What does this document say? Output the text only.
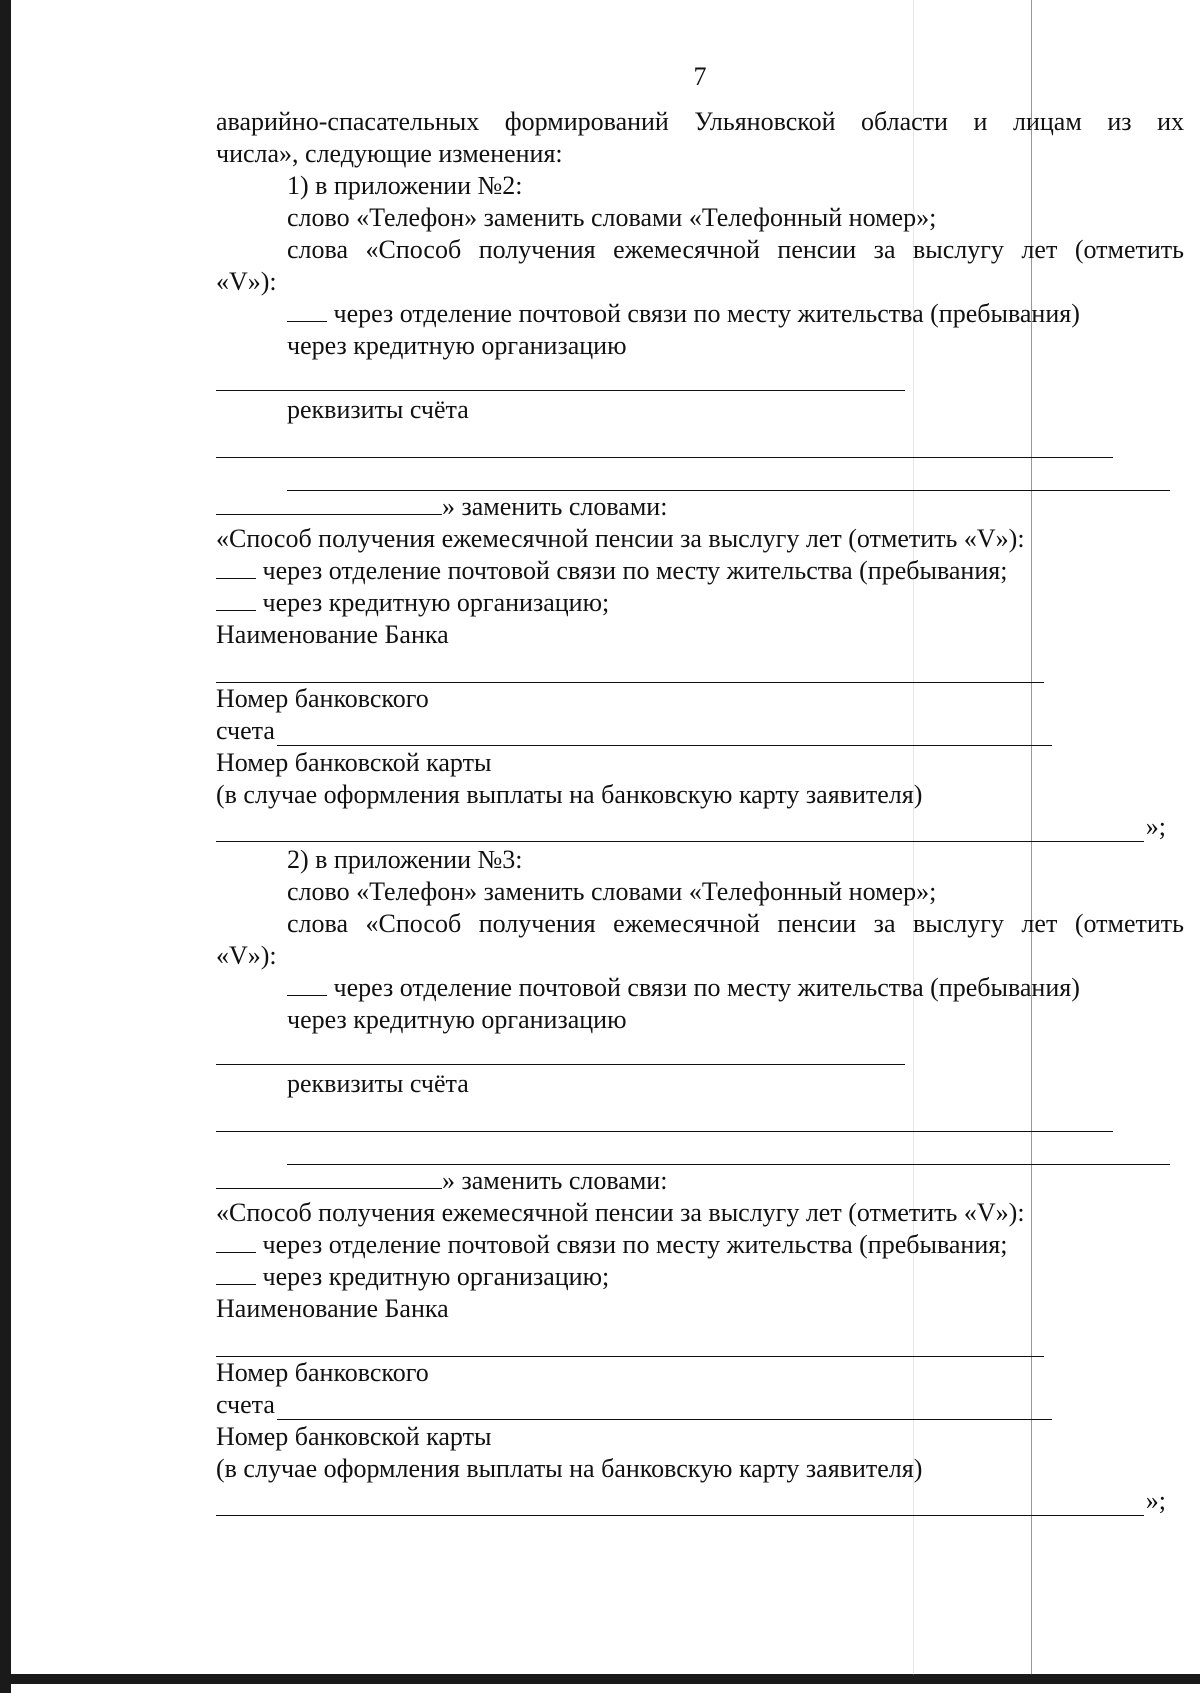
7
аварийно-спасательных формирований Ульяновской области и лицам из их
числа», следующие изменения:
1) в приложении №2:
слово «Телефон» заменить словами «Телефонный номер»;
слова «Способ получения ежемесячной пенсии за выслугу лет (отметить
«V»):
через отделение почтовой связи по месту жительства (пребывания)
через кредитную организацию
реквизиты счёта
» заменить словами:
«Способ получения ежемесячной пенсии за выслугу лет (отметить «V»):
через отделение почтовой связи по месту жительства (пребывания;
через кредитную организацию;
Наименование Банка
Номер банковского
счета
Номер банковской карты
(в случае оформления выплаты на банковскую карту заявителя)
»;
2) в приложении №3:
слово «Телефон» заменить словами «Телефонный номер»;
слова «Способ получения ежемесячной пенсии за выслугу лет (отметить
«V»):
через отделение почтовой связи по месту жительства (пребывания)
через кредитную организацию
реквизиты счёта
» заменить словами:
«Способ получения ежемесячной пенсии за выслугу лет (отметить «V»):
через отделение почтовой связи по месту жительства (пребывания;
через кредитную организацию;
Наименование Банка
Номер банковского
счета
Номер банковской карты
(в случае оформления выплаты на банковскую карту заявителя)
»;
